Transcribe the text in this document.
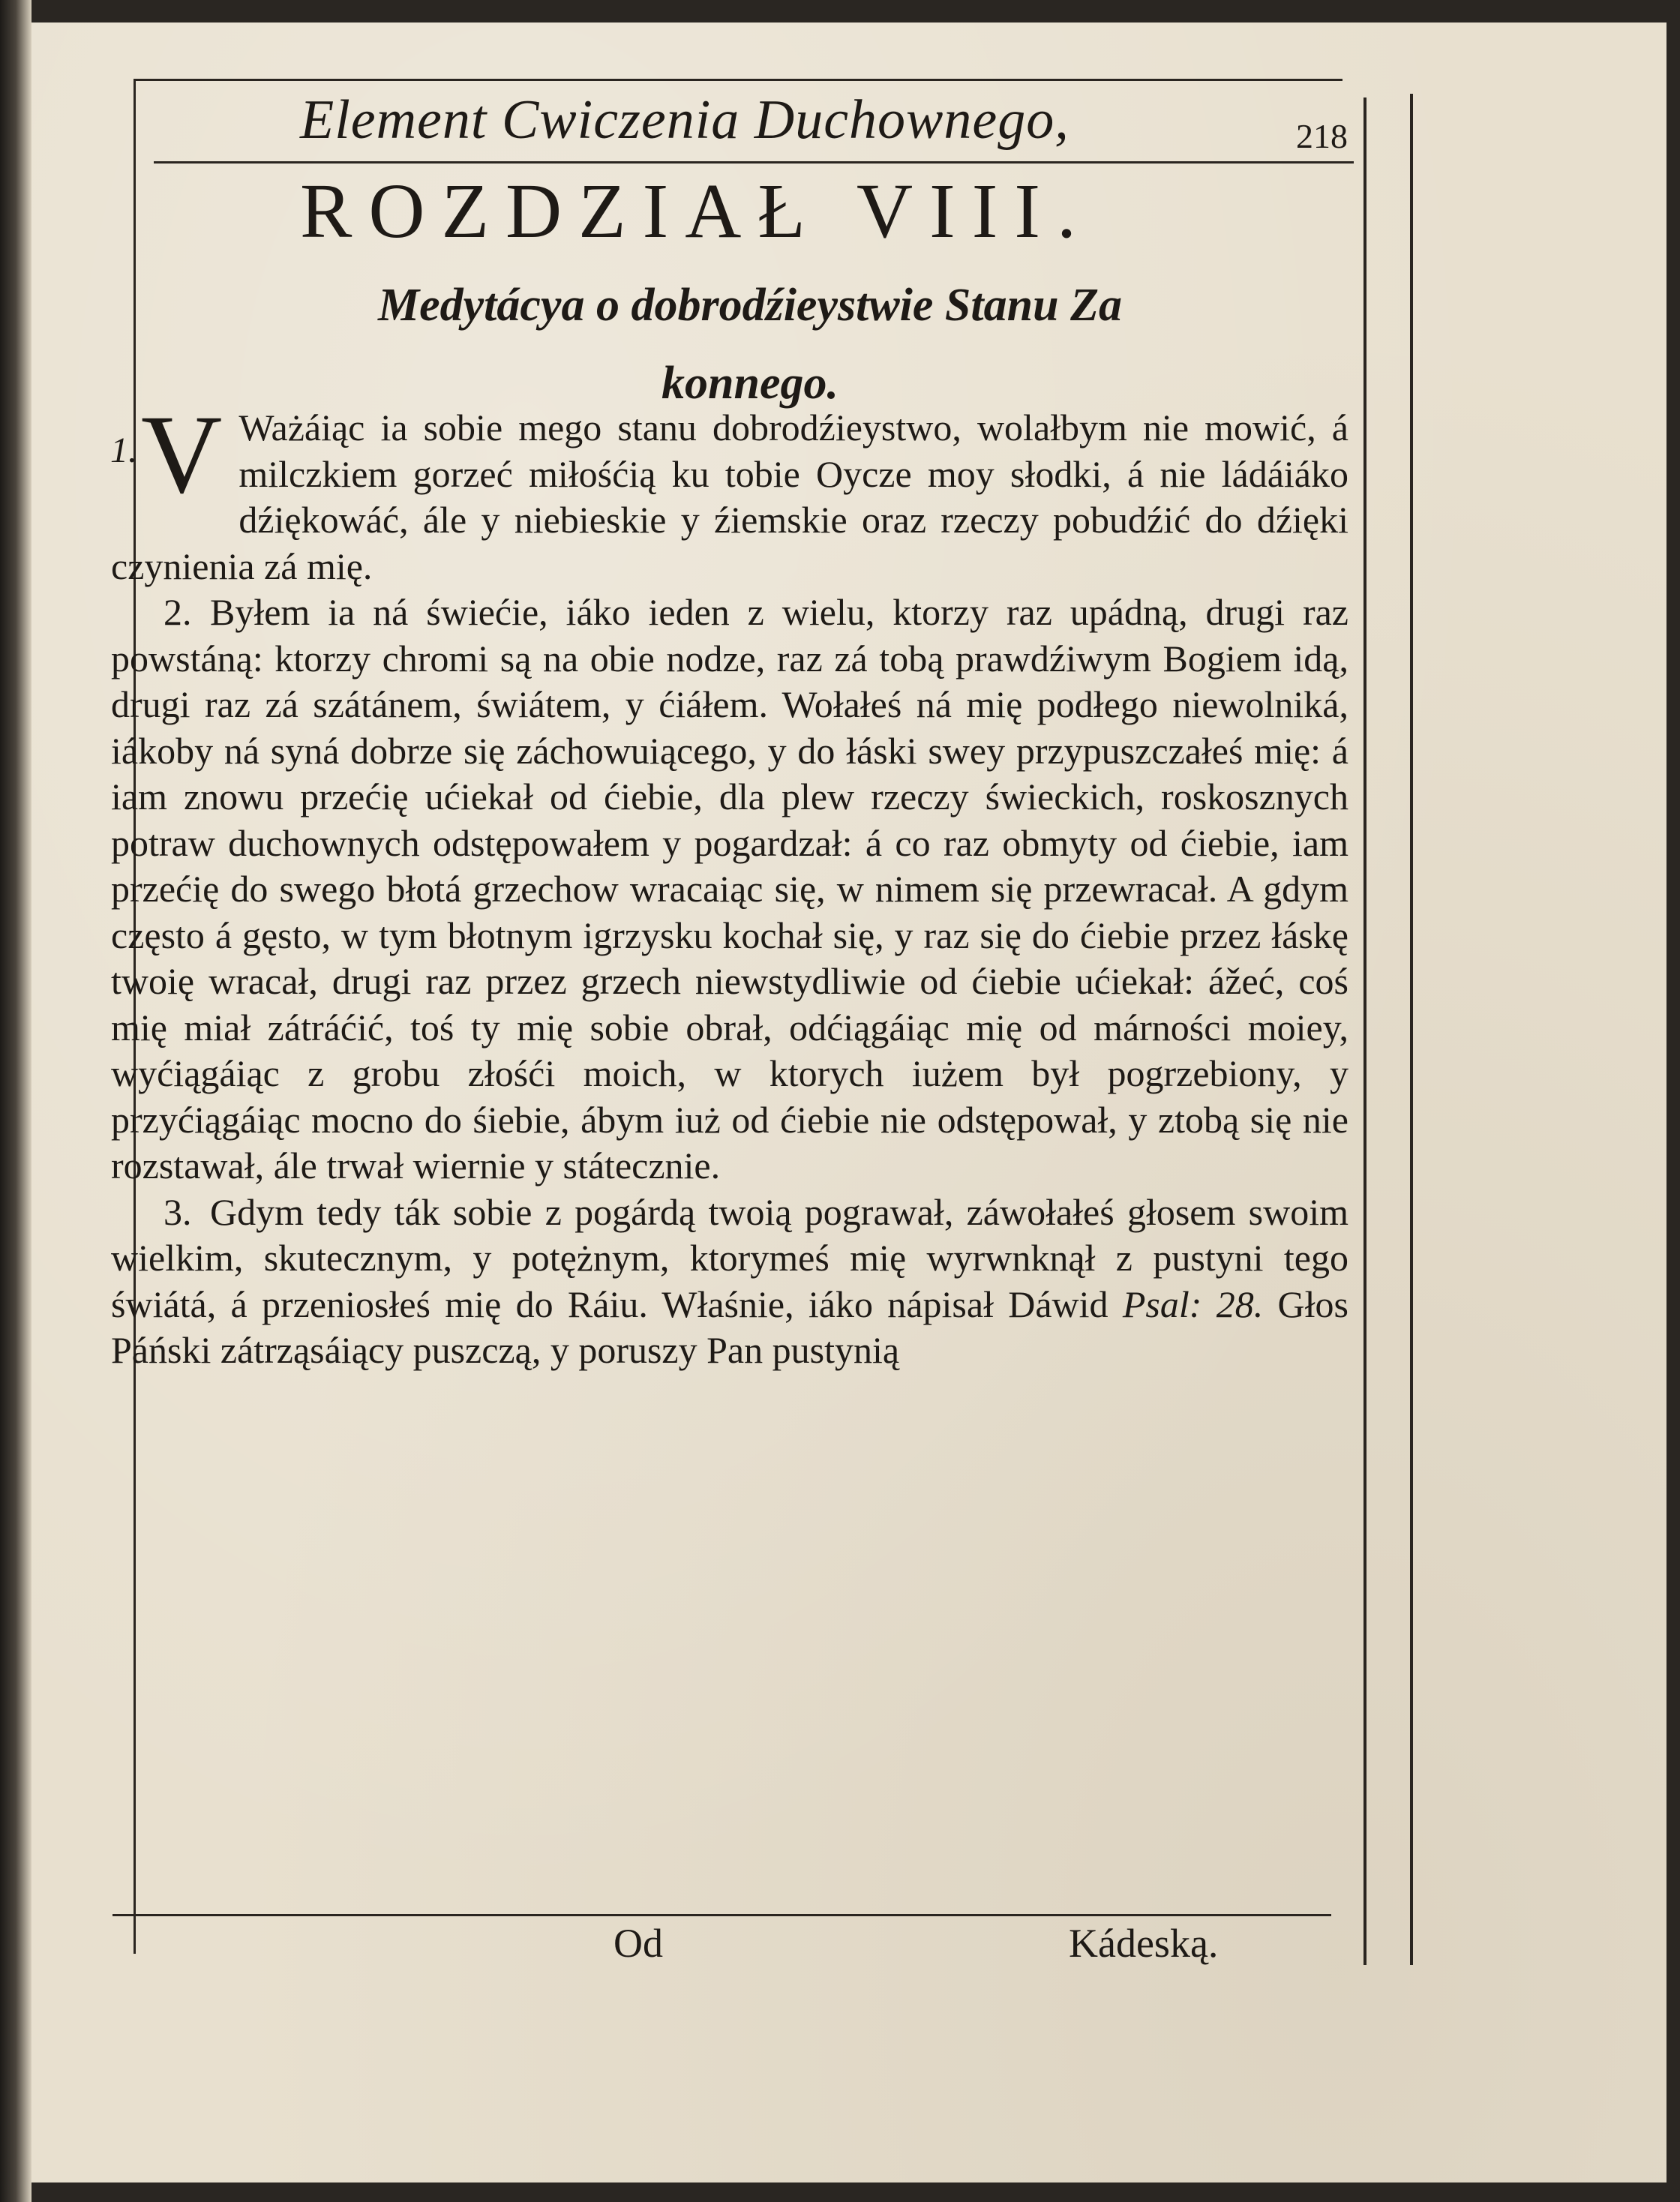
Element Cwiczenia Duchownego,	218
ROZDZIAŁ VIII.
Medytácya o dobrodźieystwie Stanu Za
konnego.
1. V Ważáiąc ia sobie mego stanu dobrodźieystwo, wolałbym nie mowić, á milczkiem gorzeć miłośćią ku tobie Oycze moy słodki, á nie ládáiáko dźiękowáć, ále y niebieskie y źiemskie oraz rzeczy pobudźić do dźięki czynienia zá mię.

2. Byłem ia ná świećie, iáko ieden z wielu, ktorzy raz upádną, drugi raz powstáną: ktorzy chromi są na obie nodze, raz zá tobą prawdźiwym Bogiem idą, drugi raz zá szátánem, świátem, y ćiáłem. Wołałeś ná mię podłego niewolniká, iákoby ná syná dobrze się záchowuiącego, y do łáski swey przypuszczałeś mię: á iam znowu przećię ućiekał od ćiebie, dla plew rzeczy świeckich, roskosznych potraw duchownych odstępowałem y pogardzał: á co raz obmyty od ćiebie, iam przećię do swego błotá grzechow wracaiąc się, w nimem się przewracał. A gdym często á gęsto, w tym błotnym igrzysku kochał się, y raz się do ćiebie przez łáskę twoię wracał, drugi raz przez grzech niewstydliwie od ćiebie ućiekał: ážeć, coś mię miał zátráćić, toś ty mię sobie obrał, odćiągáiąc mię od márności moiey, wyćiągáiąc z grobu złośći moich, w ktorych iużem był pogrzebiony, y przyćiągáiąc mocno do śiebie, ábym iuż od ćiebie nie odstępował, y ztobą się nie rozstawał, ále trwał wiernie y státecznie.

3. Gdym tedy ták sobie z pogárdą twoią pograwał, záwołałeś głosem swoim wielkim, skutecznym, y potężnym, ktorymeś mię wyrwnknął z pustyni tego świátá, á przeniosłeś mię do Ráiu. Właśnie, iáko nápisał Dáwid Psal: 28. Głos Páński zátrząsáiący puszczą, y poruszy Pan pustynią

Od	Kádeską.
